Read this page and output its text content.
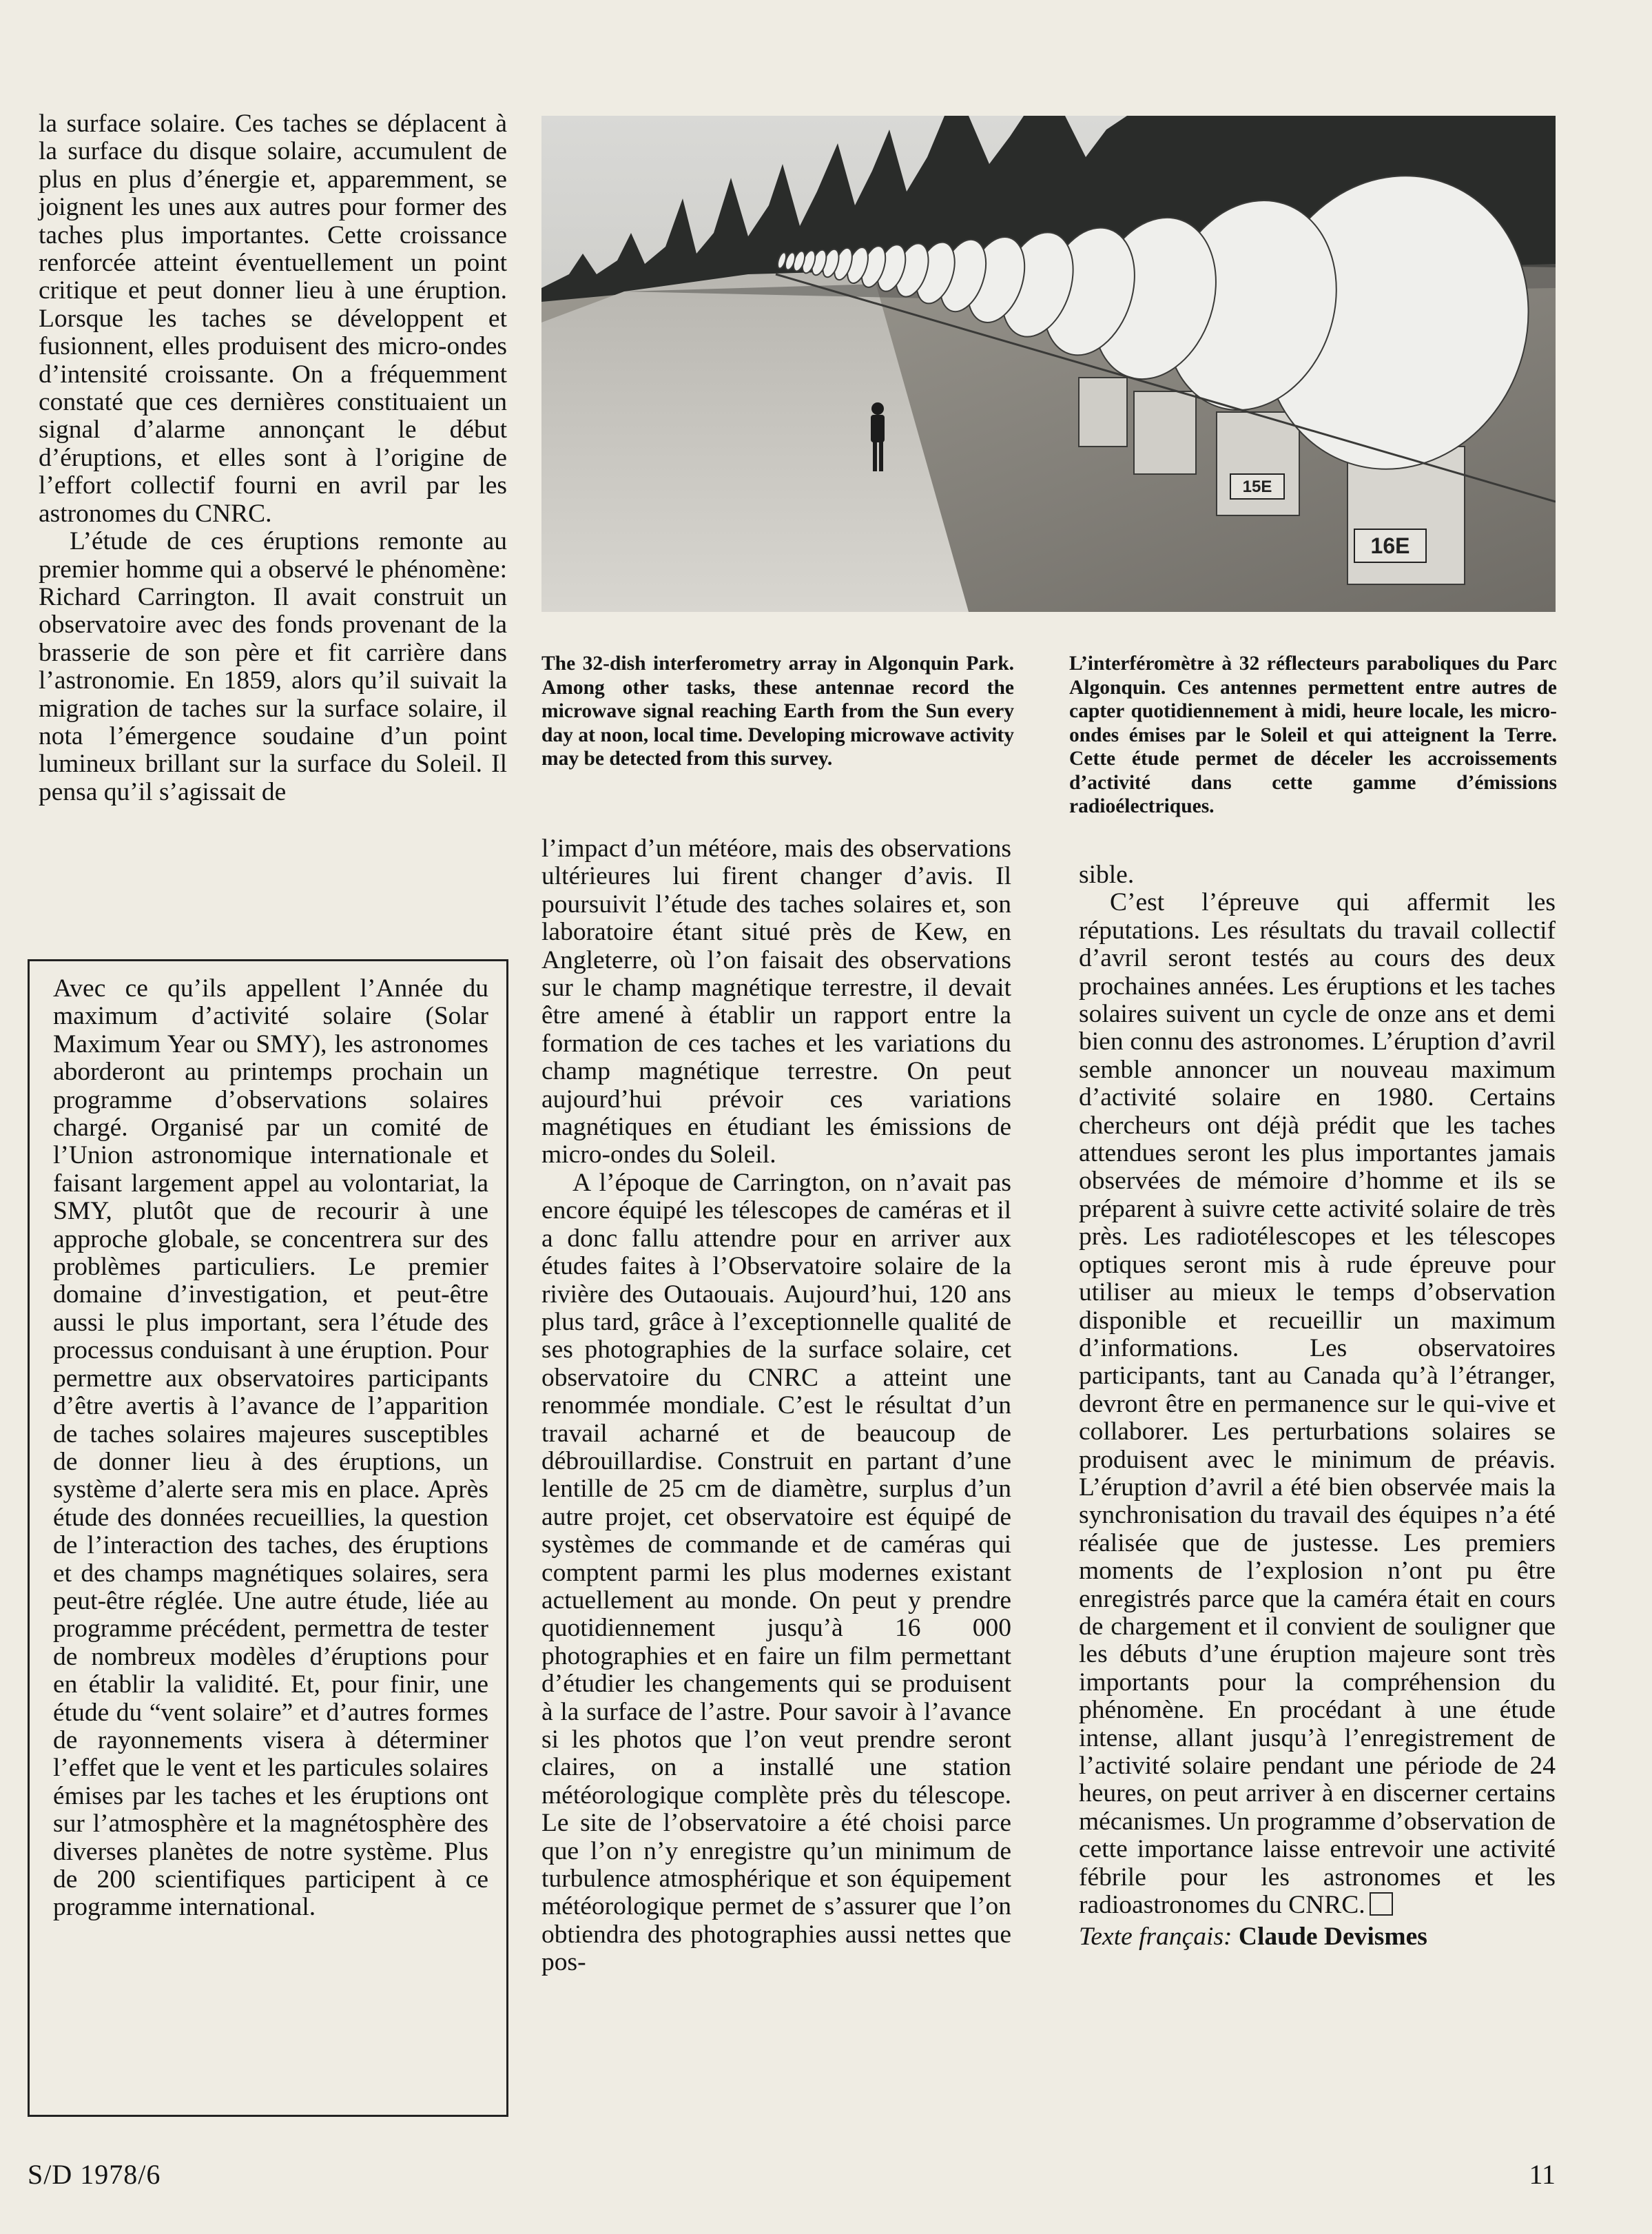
la surface solaire. Ces taches se déplacent à la surface du disque solaire, accumulent de plus en plus d’énergie et, apparemment, se joignent les unes aux autres pour former des taches plus importantes. Cette croissance renforcée atteint éventuellement un point critique et peut donner lieu à une éruption. Lorsque les taches se développent et fusionnent, elles produisent des micro-ondes d’intensité croissante. On a fréquemment constaté que ces dernières constituaient un signal d’alarme annonçant le début d’éruptions, et elles sont à l’origine de l’effort collectif fourni en avril par les astronomes du CNRC.

L’étude de ces éruptions remonte au premier homme qui a observé le phénomène: Richard Carrington. Il avait construit un observatoire avec des fonds provenant de la brasserie de son père et fit carrière dans l’astronomie. En 1859, alors qu’il suivait la migration de taches sur la surface solaire, il nota l’émergence soudaine d’un point lumineux brillant sur la surface du Soleil. Il pensa qu’il s’agissait de

Avec ce qu’ils appellent l’Année du maximum d’activité solaire (Solar Maximum Year ou SMY), les astronomes aborderont au printemps prochain un programme d’observations solaires chargé. Organisé par un comité de l’Union astronomique internationale et faisant largement appel au volontariat, la SMY, plutôt que de recourir à une approche globale, se concentrera sur des problèmes particuliers. Le premier domaine d’investigation, et peut-être aussi le plus important, sera l’étude des processus conduisant à une éruption. Pour permettre aux observatoires participants d’être avertis à l’avance de l’apparition de taches solaires majeures susceptibles de donner lieu à des éruptions, un système d’alerte sera mis en place. Après étude des données recueillies, la question de l’interaction des taches, des éruptions et des champs magnétiques solaires, sera peut-être réglée. Une autre étude, liée au programme précédent, permettra de tester de nombreux modèles d’éruptions pour en établir la validité. Et, pour finir, une étude du “vent solaire” et d’autres formes de rayonnements visera à déterminer l’effet que le vent et les particules solaires émises par les taches et les éruptions ont sur l’atmosphère et la magnétosphère des diverses planètes de notre système. Plus de 200 scientifiques participent à ce programme international.

15E
16E
The 32-dish interferometry array in Algonquin Park. Among other tasks, these antennae record the microwave signal reaching Earth from the Sun every day at noon, local time. Developing microwave activity may be detected from this survey.
L’interféromètre à 32 réflecteurs paraboliques du Parc Algonquin. Ces antennes permettent entre autres de capter quotidiennement à midi, heure locale, les micro-ondes émises par le Soleil et qui atteignent la Terre. Cette étude permet de déceler les accroissements d’activité dans cette gamme d’émissions radioélectriques.

l’impact d’un météore, mais des observations ultérieures lui firent changer d’avis. Il poursuivit l’étude des taches solaires et, son laboratoire étant situé près de Kew, en Angleterre, où l’on faisait des observations sur le champ magnétique terrestre, il devait être amené à établir un rapport entre la formation de ces taches et les variations du champ magnétique terrestre. On peut aujourd’hui prévoir ces variations magnétiques en étudiant les émissions de micro-ondes du Soleil.

A l’époque de Carrington, on n’avait pas encore équipé les télescopes de caméras et il a donc fallu attendre pour en arriver aux études faites à l’Observatoire solaire de la rivière des Outaouais. Aujourd’hui, 120 ans plus tard, grâce à l’exceptionnelle qualité de ses photographies de la surface solaire, cet observatoire du CNRC a atteint une renommée mondiale. C’est le résultat d’un travail acharné et de beaucoup de débrouillardise. Construit en partant d’une lentille de 25 cm de diamètre, surplus d’un autre projet, cet observatoire est équipé de systèmes de commande et de caméras qui comptent parmi les plus modernes existant actuellement au monde. On peut y prendre quotidiennement jusqu’à 16 000 photographies et en faire un film permettant d’étudier les changements qui se produisent à la surface de l’astre. Pour savoir à l’avance si les photos que l’on veut prendre seront claires, on a installé une station météorologique complète près du télescope. Le site de l’observatoire a été choisi parce que l’on n’y enregistre qu’un minimum de turbulence atmosphérique et son équipement météorologique permet de s’assurer que l’on obtiendra des photographies aussi nettes que pos-

sible.

C’est l’épreuve qui affermit les réputations. Les résultats du travail collectif d’avril seront testés au cours des deux prochaines années. Les éruptions et les taches solaires suivent un cycle de onze ans et demi bien connu des astronomes. L’éruption d’avril semble annoncer un nouveau maximum d’activité solaire en 1980. Certains chercheurs ont déjà prédit que les taches attendues seront les plus importantes jamais observées de mémoire d’homme et ils se préparent à suivre cette activité solaire de très près. Les radiotélescopes et les télescopes optiques seront mis à rude épreuve pour utiliser au mieux le temps d’observation disponible et recueillir un maximum d’informations. Les observatoires participants, tant au Canada qu’à l’étranger, devront être en permanence sur le qui-vive et collaborer. Les perturbations solaires se produisent avec le minimum de préavis. L’éruption d’avril a été bien observée mais la synchronisation du travail des équipes n’a été réalisée que de justesse. Les premiers moments de l’explosion n’ont pu être enregistrés parce que la caméra était en cours de chargement et il convient de souligner que les débuts d’une éruption majeure sont très importants pour la compréhension du phénomène. En procédant à une étude intense, allant jusqu’à l’enregistrement de l’activité solaire pendant une période de 24 heures, on peut arriver à en discerner certains mécanismes. Un programme d’observation de cette importance laisse entrevoir une activité fébrile pour les astronomes et les radioastronomes du CNRC.

Texte français: Claude Devismes

S/D 1978/6	11
